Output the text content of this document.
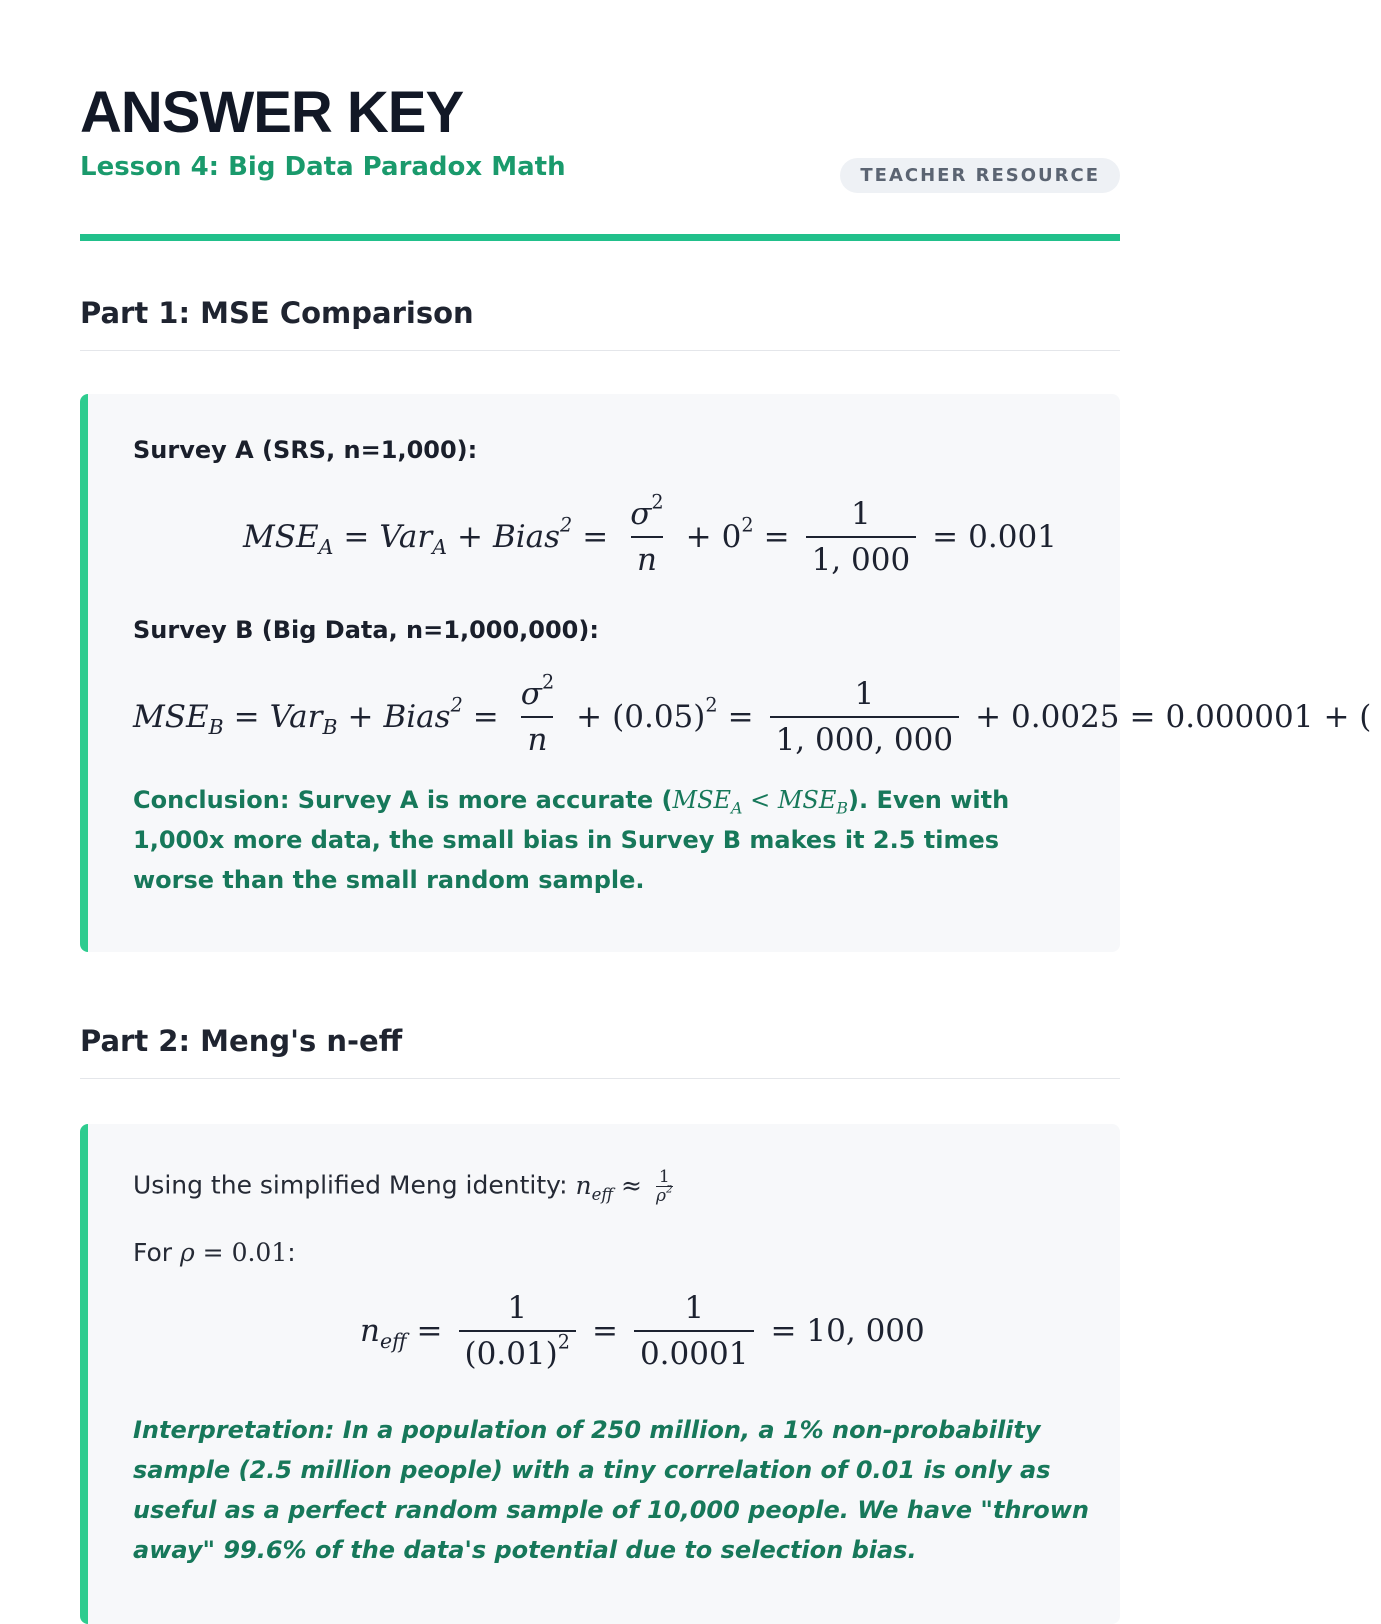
ANSWER KEY
Lesson 4: Big Data Paradox Math	TEACHER RESOURCE
Part 1: MSE Comparison
Survey A (SRS, n=1,000):
$MSE_A = Var_A$ + Bias$^2$ = $\frac{\sigma^2}{n} + 0^2 = \frac{1}{1, 000} = 0.001$
Survey B (Big Data, n=1,000,000):
$MSE_B = Var_B$ + Bias$^2$ = $\frac{\sigma^2}{n} + (0.05)^2 = \frac{1}{1, 000, 000} + 0.0025 = 0.000001$ + (
Conclusion: Survey A is more accurate $(MSE_A < MSE_B)$. Even with 1,000x more data, the small bias in Survey B makes it 2.5 times worse than the small random sample.
Part 2: Meng's n-eff
Using the simplified Meng identity: $n_{eff} \approx \frac{1}{\rho^2}$
For ρ = 0.01:
$n_{eff} = \frac{1}{(0.01)^2} = \frac{1}{0.0001} = 10$, 000
Interpretation: In a population of 250 million, a 1% non-probability sample (2.5 million people) with a tiny correlation of 0.01 is only as useful as a perfect random sample of 10,000 people. We have "thrown away" 99.6% of the data's potential due to selection bias.
